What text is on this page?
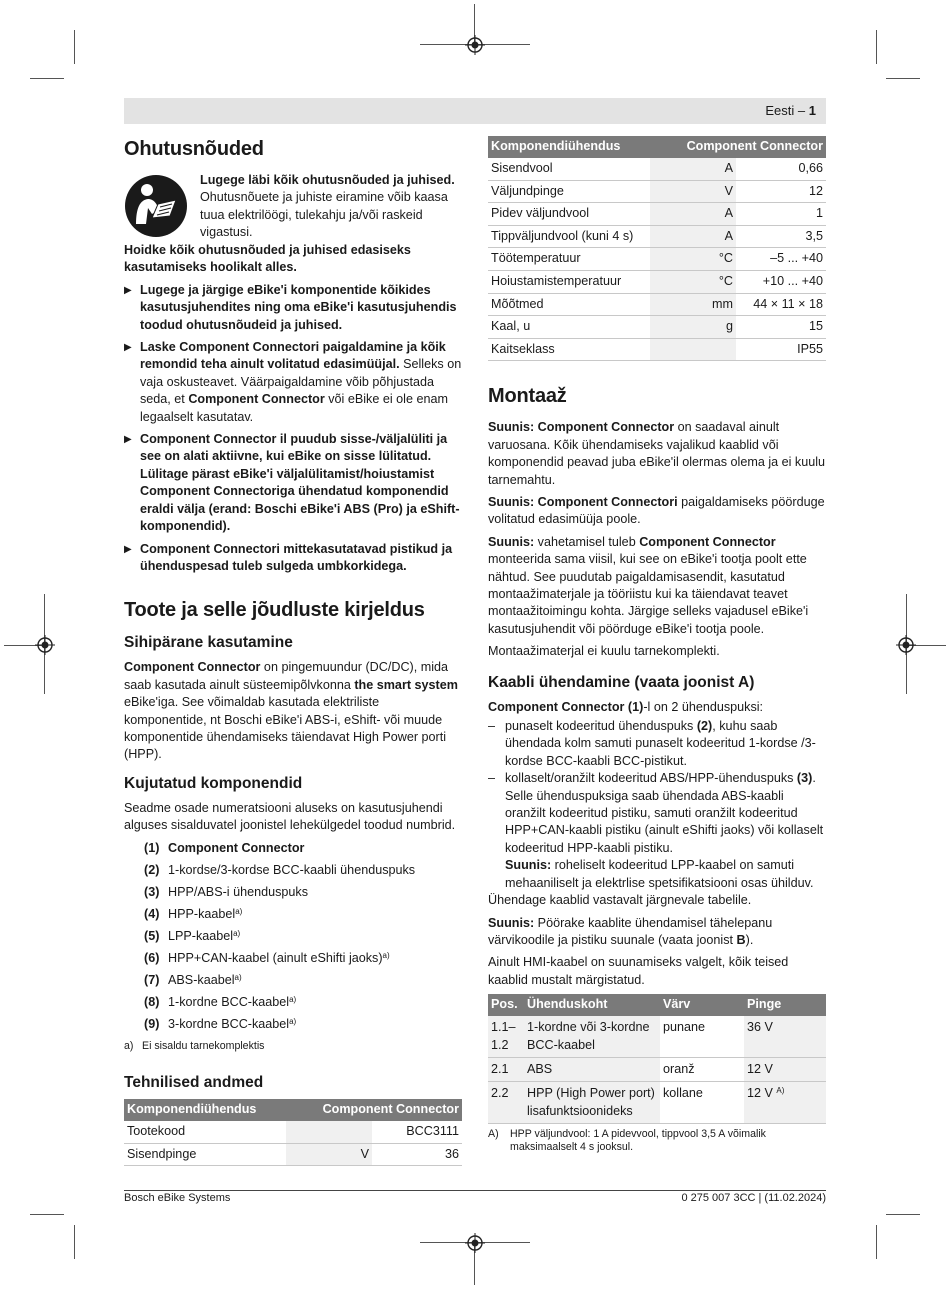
Eesti – 1
Ohutusnõuded
Lugege läbi kõik ohutusnõuded ja juhised. Ohutusnõuete ja juhiste eiramine võib kaasa tuua elektrilöögi, tulekahju ja/või raskeid vigastusi.

Hoidke kõik ohutusnõuded ja juhised edasiseks kasutamiseks hoolikalt alles.

▶ Lugege ja järgige eBike'i komponentide kõikides kasutusjuhendites ning oma eBike'i kasutusjuhendis toodud ohutusnõudeid ja juhised.
▶ Laske Component Connectori paigaldamine ja kõik remondid teha ainult volitatud edasimüüjal. Selleks on vaja oskusteavet. Väärpaigaldamine võib põhjustada seda, et Component Connector või eBike ei ole enam legaalselt kasutatav.
▶ Component Connector il puudub sisse-/väljalüliti ja see on alati aktiivne, kui eBike on sisse lülitatud. Lülitage pärast eBike'i väljalülitamist/hoiustamist Component Connectoriga ühendatud komponendid eraldi välja (erand: Boschi eBike'i ABS (Pro) ja eShift-komponendid).
▶ Component Connectori mittekasutatavad pistikud ja ühenduspesad tuleb sulgeda umbkorkidega.
Toote ja selle jõudluste kirjeldus
Sihipärane kasutamine

Component Connector on pingemuundur (DC/DC), mida saab kasutada ainult süsteemipõlvkonna the smart system eBike'iga. See võimaldab kasutada elektriliste komponentide, nt Boschi eBike'i ABS-i, eShift- või muude komponentide ühendamiseks täiendavat High Power porti (HPP).

Kujutatud komponendid

Seadme osade numeratsiooni aluseks on kasutusjuhendi alguses sisalduvatel joonistel lehekülgedel toodud numbrid.

(1) Component Connector
(2) 1-kordse/3-kordse BCC-kaabli ühenduspuks
(3) HPP/ABS-i ühenduspuks
(4) HPP-kaabel$^{a)}$
(5) LPP-kaabel$^{a)}$
(6) HPP+CAN-kaabel (ainult eShifti jaoks)$^{a)}$
(7) ABS-kaabel$^{a)}$
(8) 1-kordne BCC-kaabel$^{a)}$
(9) 3-kordne BCC-kaabel$^{a)}$

a) Ei sisaldu tarnekomplektis

Tehnilised andmed
Komponendiühendus	Component Connector	
Tootekood		BCC3111
Sisendpinge	V	36
Komponendiühendus	Component Connector	
Sisendvool	A	0,66
Väljundpinge	V	12
Pidev väljundvool	A	1
Tippväljundvool (kuni 4 s)	A	3,5
Töötemperatuur	°C	–5 ... +40
Hoiustamistemperatuur	°C	+10 ... +40
Mõõtmed	mm	44 × 11 × 18
Kaal, u	g	15
Kaitseklass		IP55
Montaaž

Suunis: Component Connector on saadaval ainult varuosana. Kõik ühendamiseks vajalikud kaablid või komponendid peavad juba eBike'il olermas olema ja ei kuulu tarnemahtu.

Suunis: Component Connectori paigaldamiseks pöörduge volitatud edasimüüja poole.

Suunis: vahetamisel tuleb Component Connector monteerida sama viisil, kui see on eBike'i tootja poolt ette nähtud. See puudutab paigaldamisasendit, kasutatud montaažimaterjale ja tööriistu kui ka täiendavat teavet montaažitoimingu kohta. Järgige selleks vajadusel eBike'i kasutusjuhendit või pöörduge eBike'i tootja poole.

Montaažimaterjal ei kuulu tarnekomplekti.

Kaabli ühendamine (vaata joonist A)

Component Connector (1)-l on 2 ühenduspuksi:

– punaselt kodeeritud ühenduspuks (2), kuhu saab ühendada kolm samuti punaselt kodeeritud 1-kordse /3-kordse BCC-kaabli BCC-pistikut.
– kollaselt/oranžilt kodeeritud ABS/HPP-ühenduspuks (3). Selle ühenduspuksiga saab ühendada ABS-kaabli oranžilt kodeeritud pistiku, samuti oranžilt kodeeritud HPP+CAN-kaabli pistiku (ainult eShifti jaoks) või kollaselt kodeeritud HPP-kaabli pistiku.
Suunis: roheliselt kodeeritud LPP-kaabel on samuti mehaaniliselt ja elektrlise spetsifikatsiooni osas ühilduv.

Ühendage kaablid vastavalt järgnevale tabelile.

Suunis: Pöörake kaablite ühendamisel tähelepanu värvikoodile ja pistiku suunale (vaata joonist B).

Ainult HMI-kaabel on suunamiseks valgelt, kõik teised kaablid mustalt märgistatud.

Pos.	Ühenduskoht	Värv	Pinge
1.1–
1.2	1-kordne või 3-kordne BCC-kaabel	punane	36 V
2.1	ABS	oranž	12 V
2.2	HPP (High Power port) lisafunktsioonideks	kollane	12 V $^{A)}$

A) HPP väljundvool: 1 A pidevvool, tippvool 3,5 A võimalik maksimaalselt 4 s jooksul.

Bosch eBike Systems	0 275 007 3CC | (11.02.2024)
